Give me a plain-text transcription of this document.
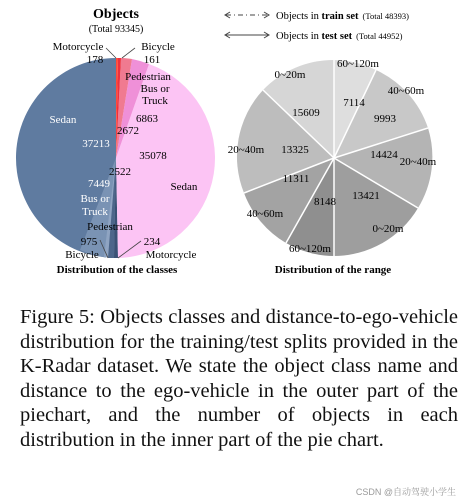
Objects
(Total 93345)
Motorcycle
178
Bicycle
161
Pedestrian
Bus or
Truck
6863
2672
35078
Sedan
Sedan
37213
2522
7449
Bus or
Truck
Pedestrian
975
Bicycle
234
Motorcycle
Distribution of the classes
Objects in train set (Total 48393)
Objects in test set (Total 44952)
0~20m
60~120m
40~60m
20~40m
0~20m
60~120m
40~60m
20~40m
15609
7114
9993
14424
13421
8148
11311
13325
Distribution of the range
Figure 5: Objects classes and distance-to-ego-vehicle distribution for the training/test splits provided in the K-Radar dataset. We state the object class name and distance to the ego-vehicle in the outer part of the piechart, and the number of objects in each distribution in the inner part of the pie chart.
CSDN @自动驾驶小学生
